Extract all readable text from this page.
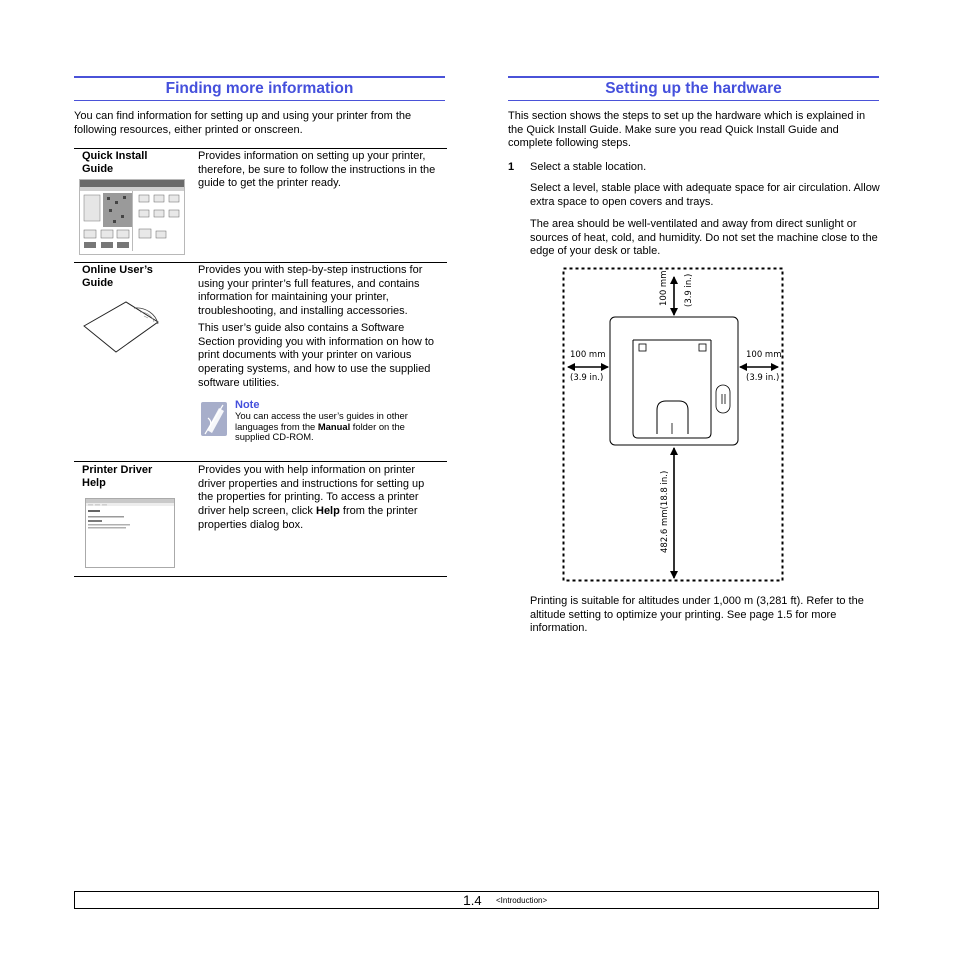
Finding more information

You can find information for setting up and using your printer from the following resources, either printed or onscreen.

Quick Install
Guide

Provides information on setting up your printer, therefore, be sure to follow the instructions in the guide to get the printer ready.

Online User’s
Guide

Provides you with step-by-step instructions for using your printer’s full features, and contains information for maintaining your printer, troubleshooting, and installing accessories.

This user’s guide also contains a Software Section providing you with information on how to print documents with your printer on various operating systems, and how to use the supplied software utilities.

Note

You can access the user’s guides in other languages from the Manual folder on the supplied CD-ROM.

Printer Driver
Help

Provides you with help information on printer driver properties and instructions for setting up the properties for printing. To access a printer driver help screen, click Help from the printer properties dialog box.

Setting up the hardware

This section shows the steps to set up the hardware which is explained in the Quick Install Guide. Make sure you read Quick Install Guide and complete following steps.

1 Select a stable location.

Select a level, stable place with adequate space for air circulation. Allow extra space to open covers and trays.

The area should be well-ventilated and away from direct sunlight or sources of heat, cold, and humidity. Do not set the machine close to the edge of your desk or table.

100 mm (3.9 in.)
100 mm
(3.9 in.)
100 mm
(3.9 in.)
482.6 mm(18.8 in.)

Printing is suitable for altitudes under 1,000 m (3,281 ft). Refer to the altitude setting to optimize your printing. See page 1.5 for more information.

1.4 <Introduction>
